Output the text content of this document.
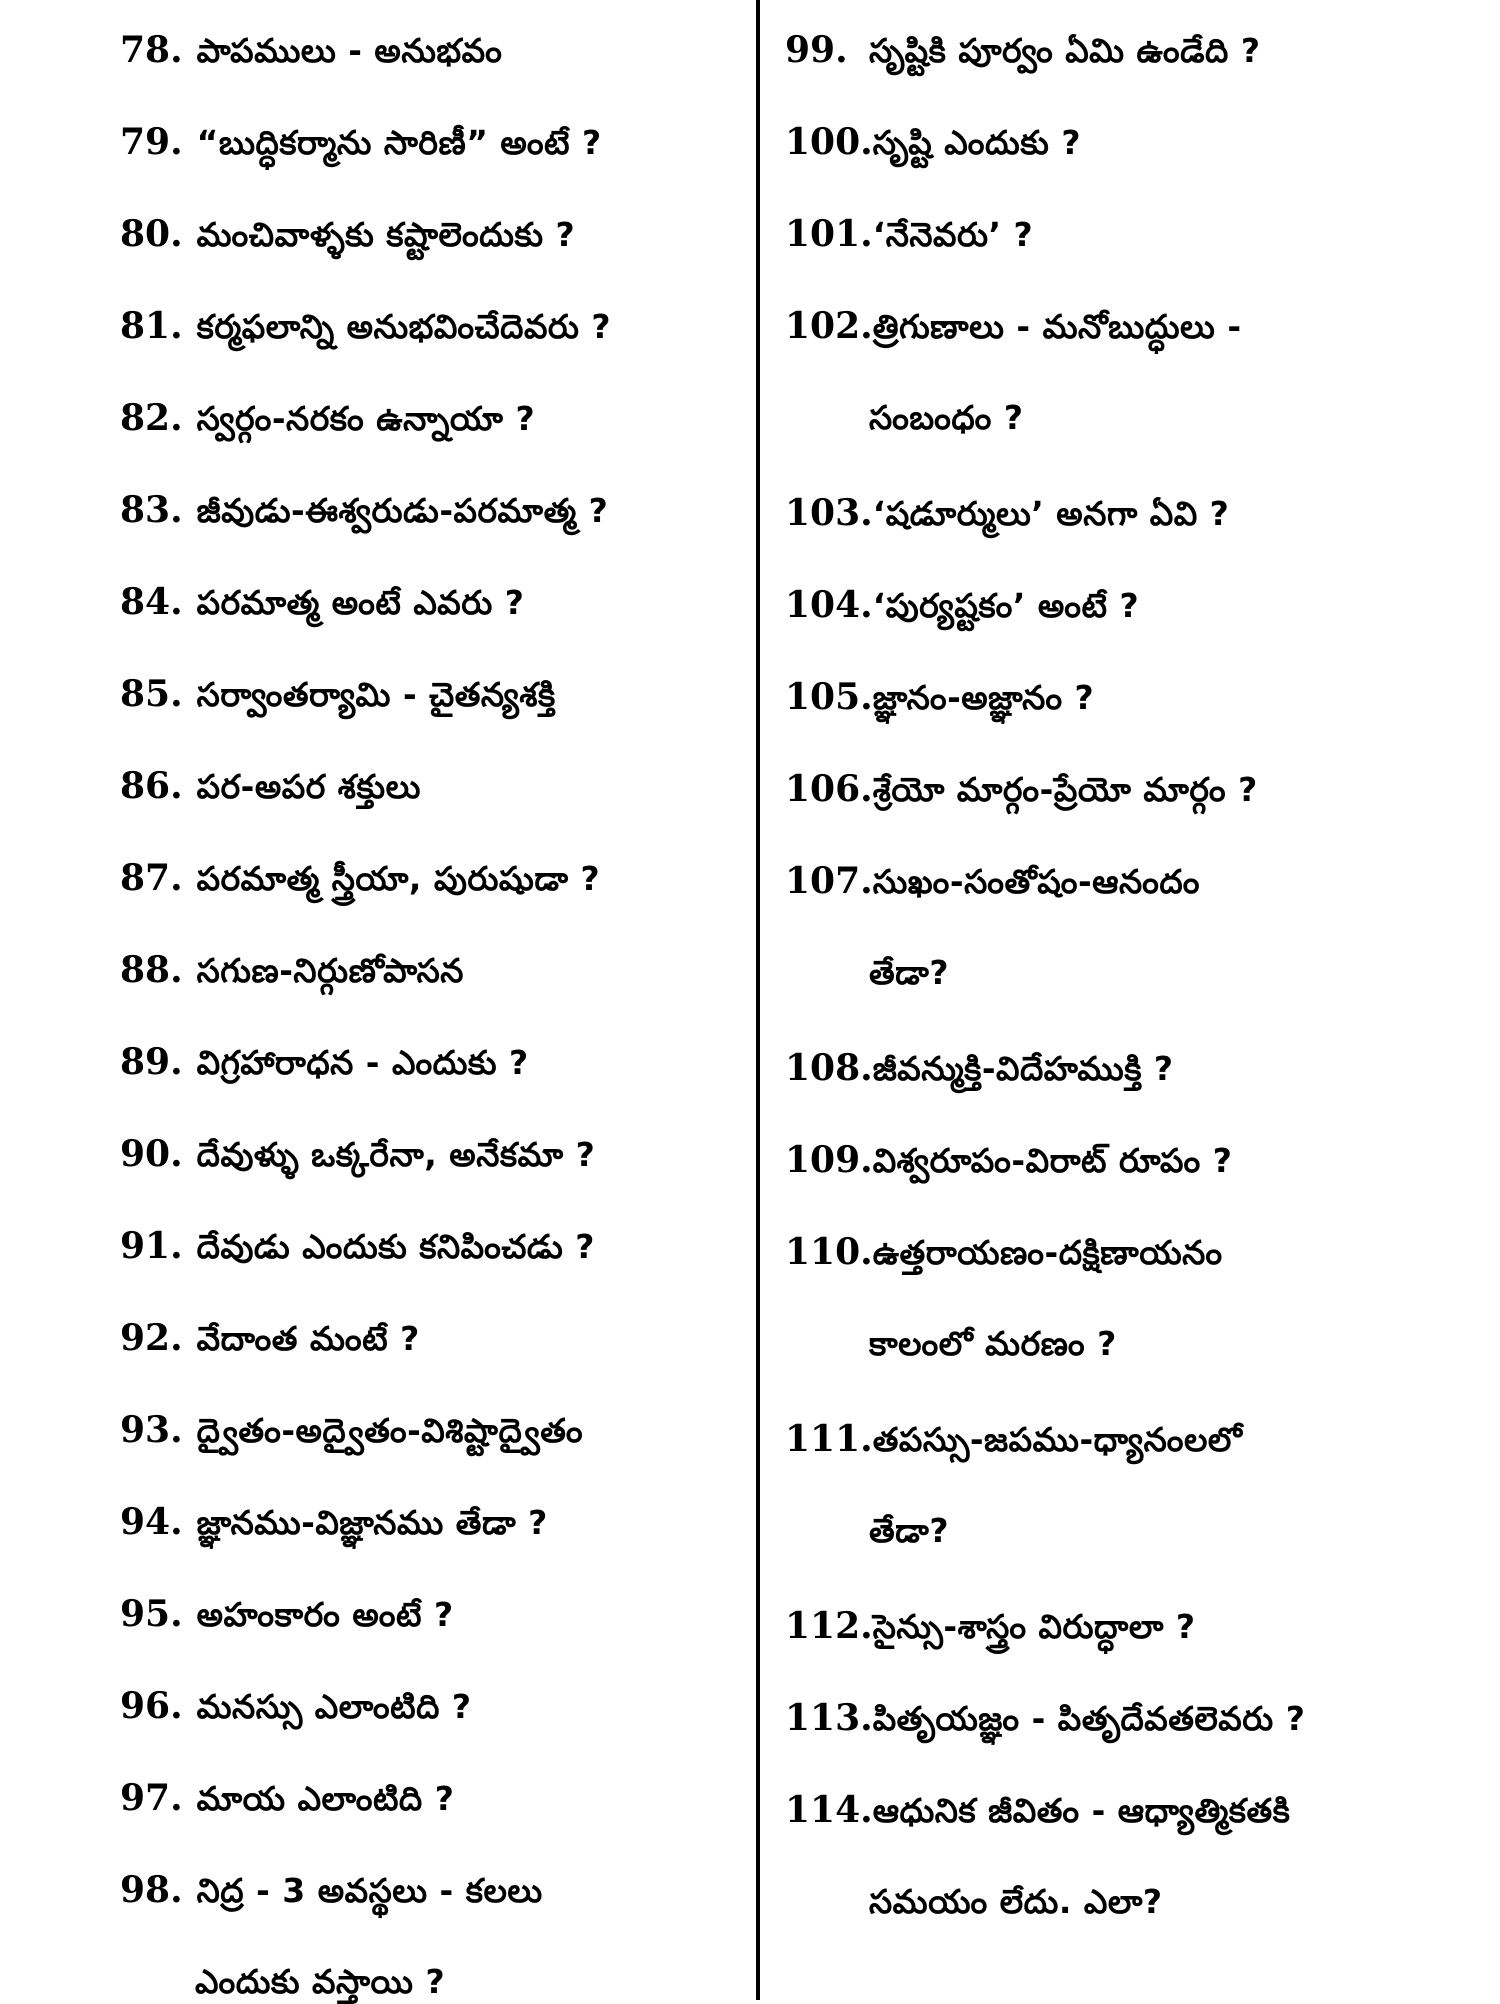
78. పాపములు - అనుభవం
79. “బుద్ధికర్మాను సారిణీ” అంటే ?
80. మంచివాళ్ళకు కష్టాలెందుకు ?
81. కర్మఫలాన్ని అనుభవించేదెవరు ?
82. స్వర్గం-నరకం ఉన్నాయా ?
83. జీవుడు-ఈశ్వరుడు-పరమాత్మ ?
84. పరమాత్మ అంటే ఎవరు ?
85. సర్వాంతర్యామి - చైతన్యశక్తి
86. పర-అపర శక్తులు
87. పరమాత్మ స్త్రీయా, పురుషుడా ?
88. సగుణ-నిర్గుణోపాసన
89. విగ్రహారాధన - ఎందుకు ?
90. దేవుళ్ళు ఒక్కరేనా, అనేకమా ?
91. దేవుడు ఎందుకు కనిపించడు ?
92. వేదాంత మంటే ?
93. ద్వైతం-అద్వైతం-విశిష్టాద్వైతం
94. జ్ఞానము-విజ్ఞానము తేడా ?
95. అహంకారం అంటే ?
96. మనస్సు ఎలాంటిది ?
97. మాయ ఎలాంటిది ?
98. నిద్ర - 3 అవస్థలు - కలలు
ఎందుకు వస్తాయి ?
99. సృష్టికి పూర్వం ఏమి ఉండేది ?
100. సృష్టి ఎందుకు ?
101. ‘నేనెవరు’ ?
102. త్రిగుణాలు - మనోబుద్ధులు -
సంబంధం ?
103. ‘షడూర్ములు’ అనగా ఏవి ?
104. ‘పుర్యష్టకం’ అంటే ?
105. జ్ఞానం-అజ్ఞానం ?
106. శ్రేయో మార్గం-ప్రేయో మార్గం ?
107. సుఖం-సంతోషం-ఆనందం
తేడా?
108. జీవన్ముక్తి-విదేహముక్తి ?
109. విశ్వరూపం-విరాట్ రూపం ?
110. ఉత్తరాయణం-దక్షిణాయనం
కాలంలో మరణం ?
111. తపస్సు-జపము-ధ్యానంలలో
తేడా?
112. సైన్సు-శాస్త్రం విరుద్ధాలా ?
113. పితృయజ్ఞం - పితృదేవతలెవరు ?
114. ఆధునిక జీవితం - ఆధ్యాత్మికతకి
సమయం లేదు. ఎలా?
